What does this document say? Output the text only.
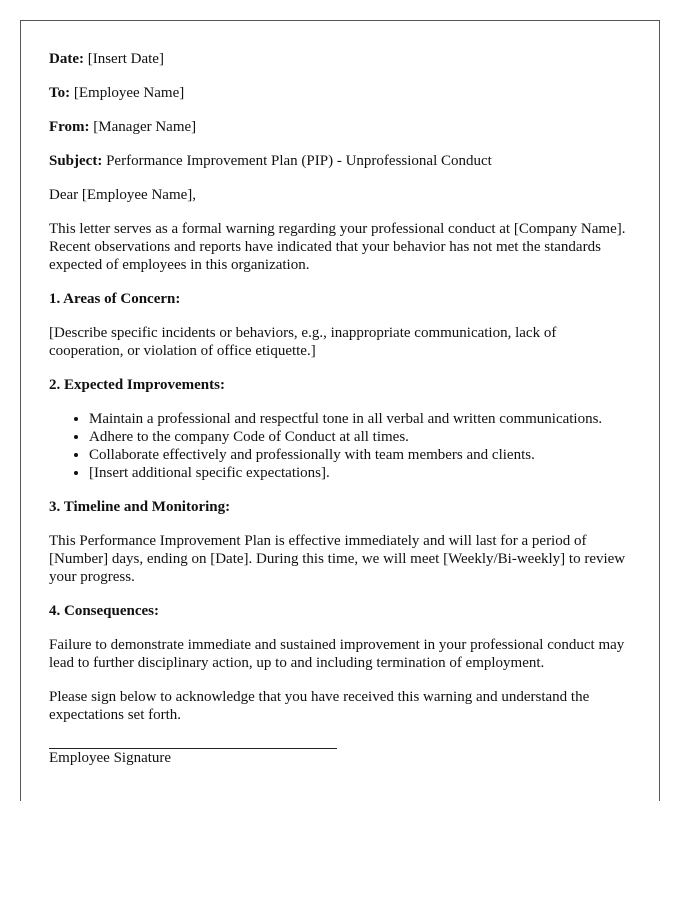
Date: [Insert Date]

To: [Employee Name]

From: [Manager Name]

Subject: Performance Improvement Plan (PIP) - Unprofessional Conduct

Dear [Employee Name],

This letter serves as a formal warning regarding your professional conduct at [Company Name]. Recent observations and reports have indicated that your behavior has not met the standards expected of employees in this organization.

1. Areas of Concern:

[Describe specific incidents or behaviors, e.g., inappropriate communication, lack of cooperation, or violation of office etiquette.]

2. Expected Improvements:
• Maintain a professional and respectful tone in all verbal and written communications.
• Adhere to the company Code of Conduct at all times.
• Collaborate effectively and professionally with team members and clients.
• [Insert additional specific expectations].
3. Timeline and Monitoring:

This Performance Improvement Plan is effective immediately and will last for a period of [Number] days, ending on [Date]. During this time, we will meet [Weekly/Bi-weekly] to review your progress.

4. Consequences:

Failure to demonstrate immediate and sustained improvement in your professional conduct may lead to further disciplinary action, up to and including termination of employment.

Please sign below to acknowledge that you have received this warning and understand the expectations set forth.

Employee Signature
